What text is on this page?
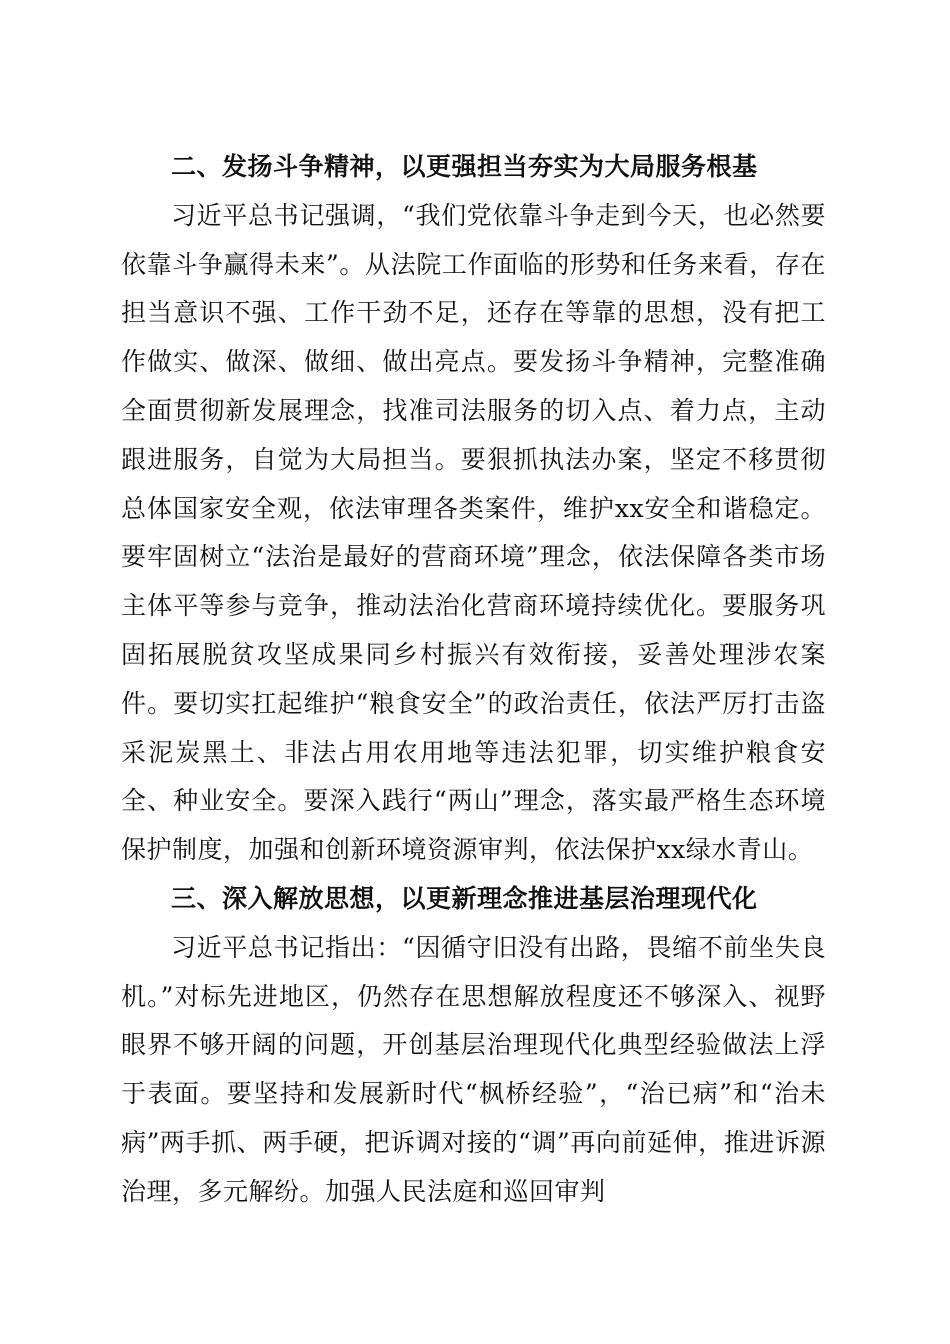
二、发扬斗争精神，以更强担当夯实为大局服务根基

习近平总书记强调，“我们党依靠斗争走到今天，也必然要依靠斗争赢得未来”。从法院工作面临的形势和任务来看，存在担当意识不强、工作干劲不足，还存在等靠的思想，没有把工作做实、做深、做细、做出亮点。要发扬斗争精神，完整准确全面贯彻新发展理念，找准司法服务的切入点、着力点，主动跟进服务，自觉为大局担当。要狠抓执法办案，坚定不移贯彻总体国家安全观，依法审理各类案件，维护xx安全和谐稳定。要牢固树立“法治是最好的营商环境”理念，依法保障各类市场主体平等参与竞争，推动法治化营商环境持续优化。要服务巩固拓展脱贫攻坚成果同乡村振兴有效衔接，妥善处理涉农案件。要切实扛起维护“粮食安全”的政治责任，依法严厉打击盗采泥炭黑土、非法占用农用地等违法犯罪，切实维护粮食安全、种业安全。要深入践行“两山”理念，落实最严格生态环境保护制度，加强和创新环境资源审判，依法保护xx绿水青山。

三、深入解放思想，以更新理念推进基层治理现代化

习近平总书记指出：“因循守旧没有出路，畏缩不前坐失良机。”对标先进地区，仍然存在思想解放程度还不够深入、视野眼界不够开阔的问题，开创基层治理现代化典型经验做法上浮于表面。要坚持和发展新时代“枫桥经验”，“治已病”和“治未病”两手抓、两手硬，把诉调对接的“调”再向前延伸，推进诉源治理，多元解纷。加强人民法庭和巡回审判
